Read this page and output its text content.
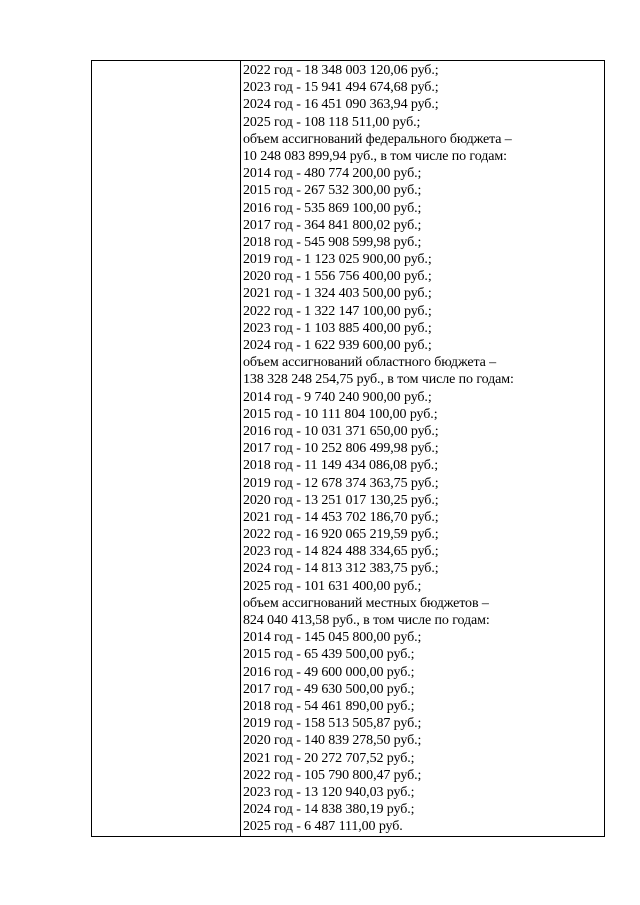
2022 год - 18 348 003 120,06 руб.;
2023 год - 15 941 494 674,68 руб.;
2024 год - 16 451 090 363,94 руб.;
2025 год - 108 118 511,00 руб.;
объем ассигнований федерального бюджета –
10 248 083 899,94 руб., в том числе по годам:
2014 год - 480 774 200,00 руб.;
2015 год - 267 532 300,00 руб.;
2016 год - 535 869 100,00 руб.;
2017 год - 364 841 800,02 руб.;
2018 год - 545 908 599,98 руб.;
2019 год - 1 123 025 900,00 руб.;
2020 год - 1 556 756 400,00 руб.;
2021 год - 1 324 403 500,00 руб.;
2022 год - 1 322 147 100,00 руб.;
2023 год - 1 103 885 400,00 руб.;
2024 год - 1 622 939 600,00 руб.;
объем ассигнований областного бюджета –
138 328 248 254,75 руб., в том числе по годам:
2014 год - 9 740 240 900,00 руб.;
2015 год - 10 111 804 100,00 руб.;
2016 год - 10 031 371 650,00 руб.;
2017 год - 10 252 806 499,98 руб.;
2018 год - 11 149 434 086,08 руб.;
2019 год - 12 678 374 363,75 руб.;
2020 год - 13 251 017 130,25 руб.;
2021 год - 14 453 702 186,70 руб.;
2022 год - 16 920 065 219,59 руб.;
2023 год - 14 824 488 334,65 руб.;
2024 год - 14 813 312 383,75 руб.;
2025 год - 101 631 400,00 руб.;
объем ассигнований местных бюджетов –
824 040 413,58 руб., в том числе по годам:
2014 год - 145 045 800,00 руб.;
2015 год - 65 439 500,00 руб.;
2016 год - 49 600 000,00 руб.;
2017 год - 49 630 500,00 руб.;
2018 год - 54 461 890,00 руб.;
2019 год - 158 513 505,87 руб.;
2020 год - 140 839 278,50 руб.;
2021 год - 20 272 707,52 руб.;
2022 год - 105 790 800,47 руб.;
2023 год - 13 120 940,03 руб.;
2024 год - 14 838 380,19 руб.;
2025 год - 6 487 111,00 руб.
